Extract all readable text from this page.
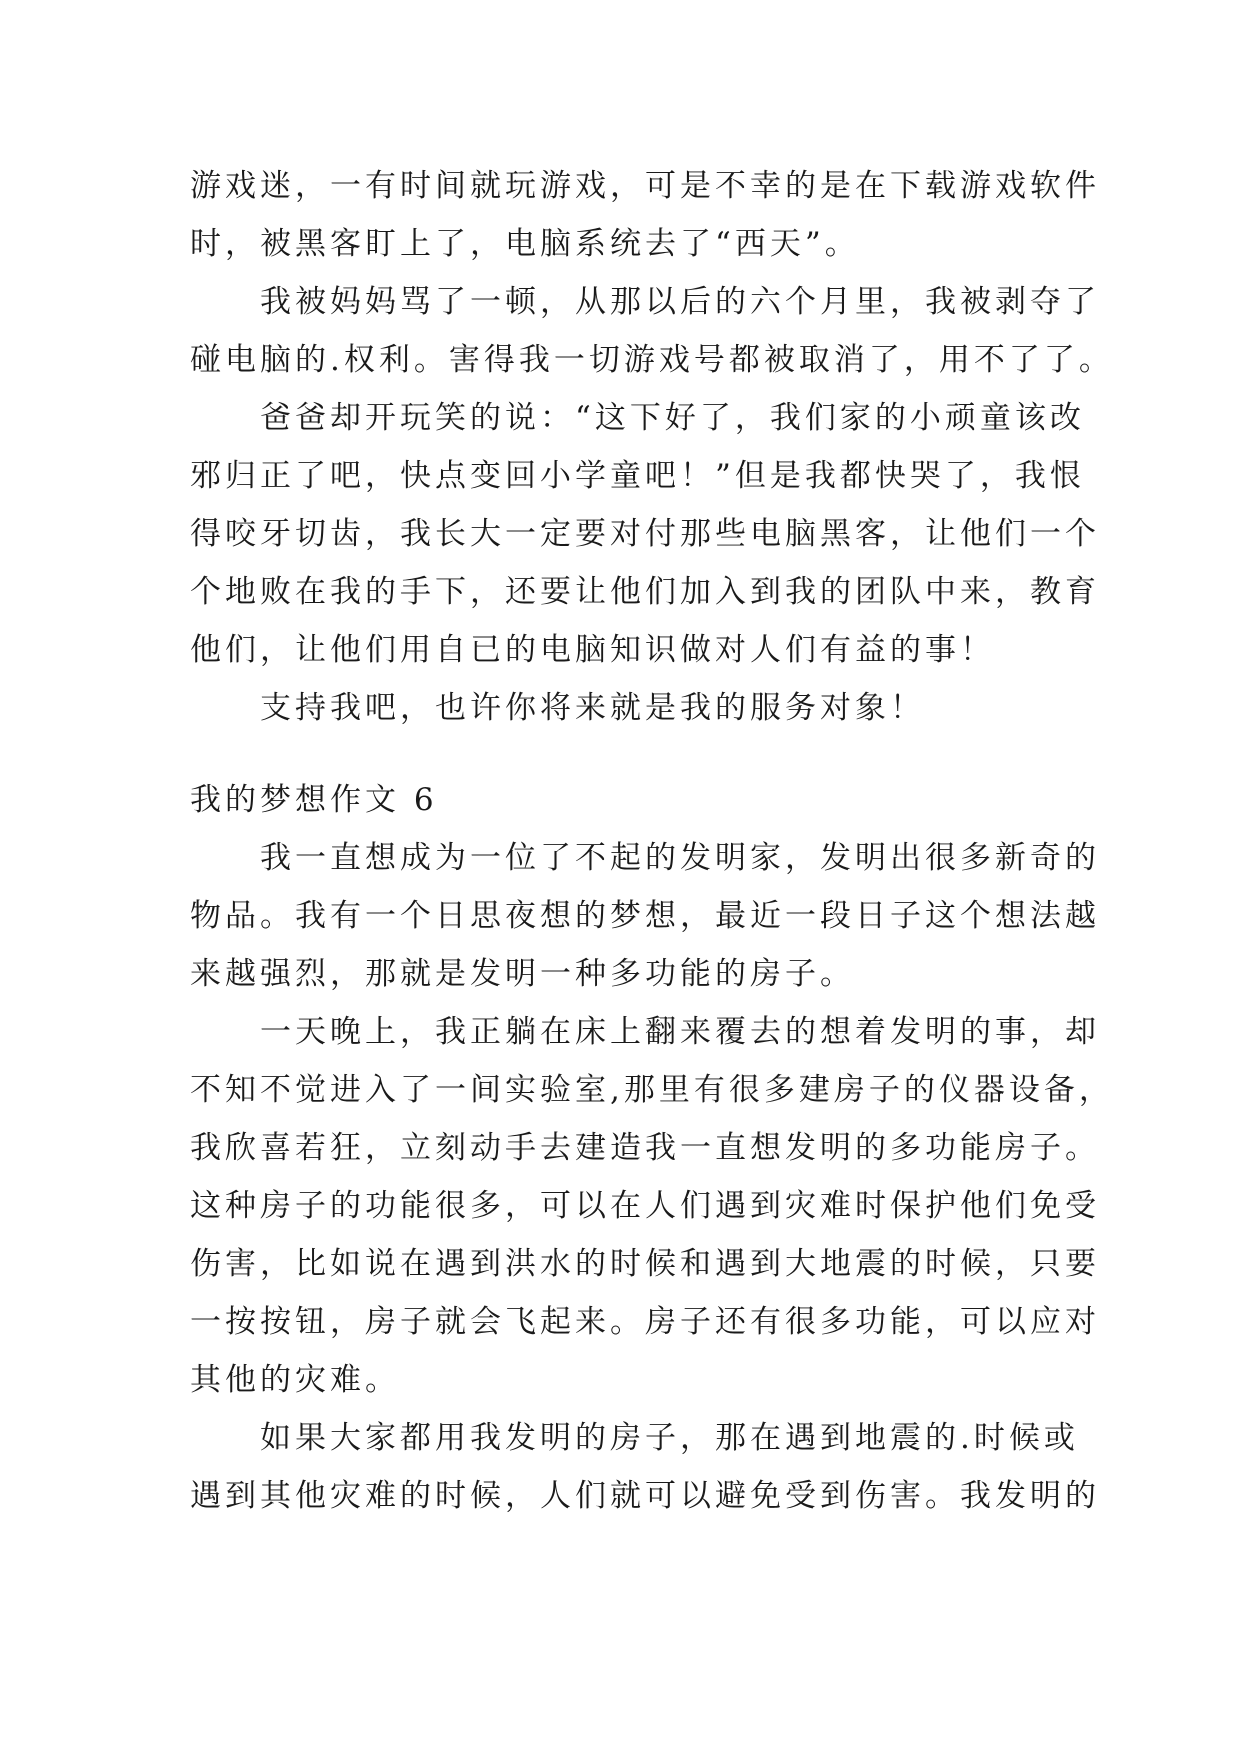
游戏迷，一有时间就玩游戏，可是不幸的是在下载游戏软件
时，被黑客盯上了，电脑系统去了“西天”。
　　我被妈妈骂了一顿，从那以后的六个月里，我被剥夺了
碰电脑的.权利。害得我一切游戏号都被取消了，用不了了。
　　爸爸却开玩笑的说：“这下好了，我们家的小顽童该改
邪归正了吧，快点变回小学童吧！”但是我都快哭了，我恨
得咬牙切齿，我长大一定要对付那些电脑黑客，让他们一个
个地败在我的手下，还要让他们加入到我的团队中来，教育
他们，让他们用自已的电脑知识做对人们有益的事！
　　支持我吧，也许你将来就是我的服务对象！
我的梦想作文 6
　　我一直想成为一位了不起的发明家，发明出很多新奇的
物品。我有一个日思夜想的梦想，最近一段日子这个想法越
来越强烈，那就是发明一种多功能的房子。
　　一天晚上，我正躺在床上翻来覆去的想着发明的事，却
不知不觉进入了一间实验室,那里有很多建房子的仪器设备，
我欣喜若狂，立刻动手去建造我一直想发明的多功能房子。
这种房子的功能很多，可以在人们遇到灾难时保护他们免受
伤害，比如说在遇到洪水的时候和遇到大地震的时候，只要
一按按钮，房子就会飞起来。房子还有很多功能，可以应对
其他的灾难。
　　如果大家都用我发明的房子，那在遇到地震的.时候或
遇到其他灾难的时候，人们就可以避免受到伤害。我发明的
